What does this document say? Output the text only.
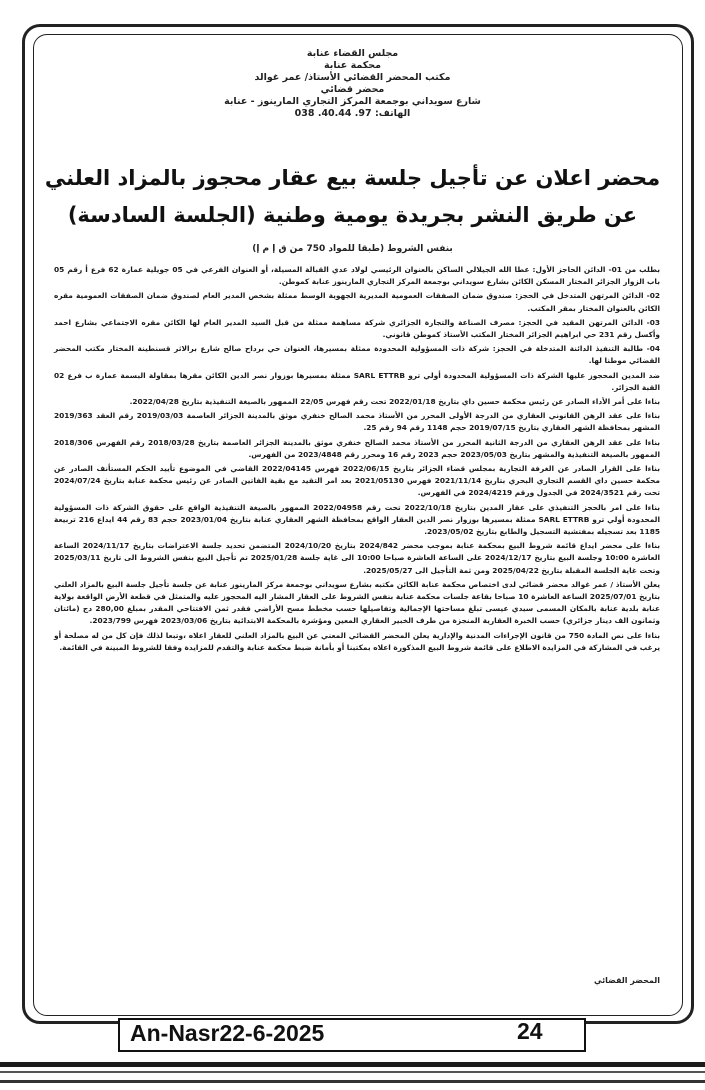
مجلس القضاء عنابة
محكمة عنابة
مكتب المحضر القضائي الأستاذ/ عمر غوالد
محضر قضائي
شارع سويداني بوجمعة المركز التجاري المارينوز - عنابة
الهاتف: 97. 40.44. 038
محضر اعلان عن تأجيل جلسة بيع عقار محجوز بالمزاد العلني
عن طريق النشر بجريدة يومية وطنية (الجلسة السادسة)
بنفس الشروط (طبقا للمواد 750 من ق إ م إ)

بطلب من 01- الدائن الحاجز الأول: عطا الله الجيلالي الساكن بالعنوان الرئيسي لولاد عدي القبالة المسيلة، أو العنوان الفرعي في 05 جويلية عمارة 62 فرع أ رقم 05 باب الزوار الجزائر المختار المسكن الكائن بشارع سويداني بوجمعة المركز التجاري المارينوز عنابة كموطن.

02- الدائن المرتهن المتدخل في الحجز: صندوق ضمان الصفقات العمومية المديرية الجهوية الوسط ممثلة بشخص المدير العام لصندوق ضمان الصفقات العمومية مقره الكائن بالعنوان المختار بمقر المكتب.

03- الدائن المرتهن المقيد في الحجز: مصرف الصناعة والتجارة الجزائري شركة مساهمة ممثلة من قبل السيد المدير العام لها الكائن مقره الاجتماعي بشارع احمد وأكسل رقم 231 حي ابراهيم الجزائر المختار المكتب الأستاذ كموطن قانوني.

04- طالبة التنفيذ الدائنة المتدخلة في الحجز: شركة ذات المسؤولية المحدودة ممثلة بمسيرها، العنوان حي برداح صالح شارع برالاثر قسنطينة المختار مكتب المحضر القضائي موطنا لها.

ضد المدين المحجوز عليها الشركة ذات المسؤولية المحدودة أولي ترو SARL ETTRB ممثلة بمسيرها بوزوار نصر الدين الكائن مقرها بمقاولة البسمة عمارة ب فرع 02 القبة الجزائر.

بناءا على أمر الأداء الصادر عن رئيس محكمة حسين داي بتاريخ 2022/01/18 تحت رقم فهرس 22/05 الممهور بالصيغة التنفيذية بتاريخ 2022/04/28.

بناءا على عقد الرهن القانوني العقاري من الدرجة الأولى المحرر من الأستاذ محمد الصالح خنفري موثق بالمدينة الجزائر العاصمة 2019/03/03 رقم العقد 2019/363 المشهر بمحافظة الشهر العقاري بتاريخ 2019/07/15 حجم 1148 رقم 94 رقم 25.

بناءا على عقد الرهن العقاري من الدرجة الثانية المحرر من الأستاذ محمد الصالح خنفري موثق بالمدينة الجزائر العاصمة بتاريخ 2018/03/28 رقم الفهرس 2018/306 الممهور بالصيغة التنفيذية والمشهر بتاريخ 2023/05/03 حجم 2023 رقم 16 ومحرر رقم 2023/4848 من الفهرس.

بناءا على القرار الصادر عن الغرفة التجارية بمجلس قضاء الجزائر بتاريخ 2022/06/15 فهرس 2022/04145 القاضي في الموضوع تأييد الحكم المستأنف الصادر عن محكمة حسين داي القسم التجاري البحري بتاريخ 2021/11/14 فهرس 2021/05130 بعد امر التقيد مع بقية الفاتين الصادر عن رئيس محكمة عنابة بتاريخ 2024/07/24 تحت رقم 2024/3521 في الجدول ورقم 2024/4219 في الفهرس.

بناءا على امر بالحجز التنفيذي على عقار المدين بتاريخ 2022/10/18 تحت رقم 2022/04958 الممهور بالصيغة التنفيذية الواقع على حقوق الشركة ذات المسؤولية المحدودة أولي ترو SARL ETTRB ممثلة بمسيرها بوزوار نصر الدين العقار الواقع بمحافظة الشهر العقاري عنابة بتاريخ 2023/01/04 حجم 83 رقم 44 ايداع 216 تربيعة 1185 بعد تسجيله بمفتشية التسجيل والطابع بتاريخ 2023/05/02.

بناءا على محضر ايداع قائمة شروط البيع بمحكمة عنابة بموجب محضر 2024/842 بتاريخ 2024/10/20 المتضمن تحديد جلسة الاعتراضات بتاريخ 2024/11/17 الساعة العاشرة 10:00 وجلسة البيع بتاريخ 2024/12/17 على الساعة العاشرة صباحا 10:00 الى غاية جلسة 2025/01/28 تم تأجيل البيع بنفس الشروط الى تاريخ 2025/03/11 وتحت غاية الجلسة المقبلة بتاريخ 2025/04/22 ومن ثمة التأجيل الى 2025/05/27.

يعلن الأستاذ / عمر غوالد محضر قضائي لدى اختصاص محكمة عنابة الكائن مكتبه بشارع سويداني بوجمعة مركز المارينوز عنابة عن جلسة تأجيل جلسة البيع بالمزاد العلني بتاريخ 2025/07/01 الساعة العاشرة 10 صباحا بقاعة جلسات محكمة عنابة بنفس الشروط على العقار المشار اليه المحجوز عليه والمتمثل في قطعة الأرض الواقعة بولاية عنابة بلدية عنابة بالمكان المسمى سيدي عيسى تبلغ مساحتها الإجمالية وتفاصيلها حسب مخطط مسح الأراضي فقدر ثمن الافتتاحي المقدر بمبلغ 280,00 دج (مائتان وثمانون الف دينار جزائري) حسب الخبرة العقارية المنجزة من طرف الخبير العقاري المعين ومؤشرة بالمحكمة الابتدائية بتاريخ 2023/03/06 فهرس 2023/799.

بناءا على نص المادة 750 من قانون الإجراءات المدنية والإدارية يعلن المحضر القضائي المعني عن البيع بالمزاد العلني للعقار اعلاه ،وتبعا لذلك فإن كل من له مصلحة أو يرغب في المشاركة في المزايدة الاطلاع على قائمة شروط البيع المذكورة اعلاه بمكتبنا أو بأمانة ضبط محكمة عنابة والتقدم للمزايدة وفقا للشروط المبينة في القائمة.

المحضر القضائي
An-Nasr22-6-2025	24
